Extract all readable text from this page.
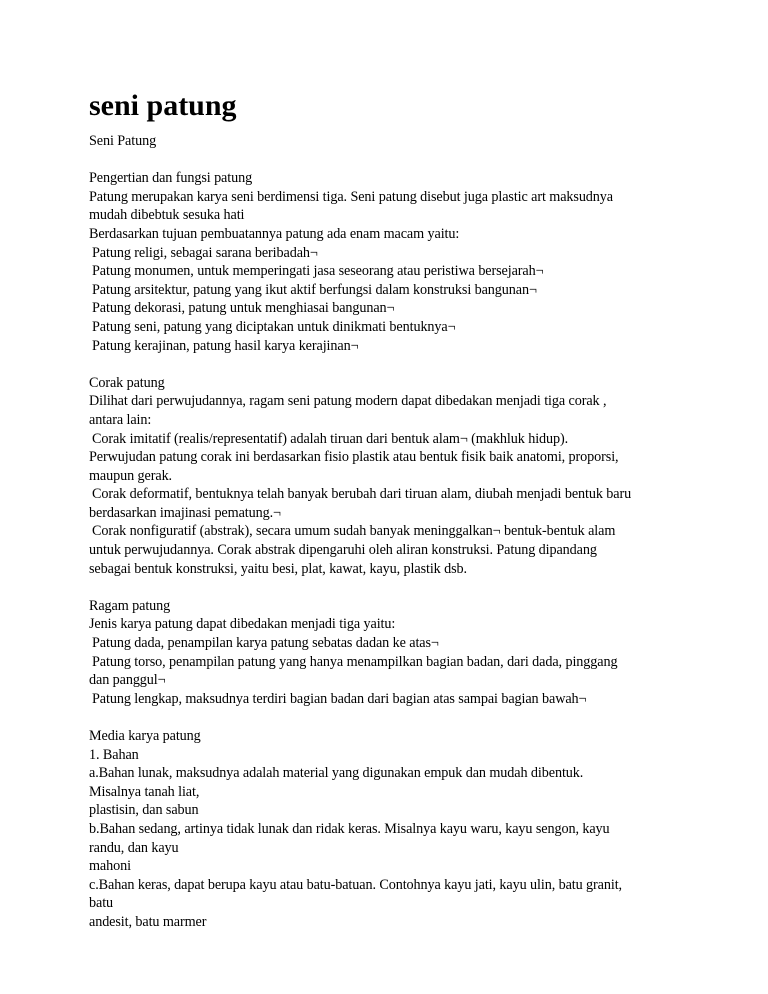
seni patung
Seni Patung
Pengertian dan fungsi patung
Patung merupakan karya seni berdimensi tiga. Seni patung disebut juga plastic art maksudnya
mudah dibebtuk sesuka hati
Berdasarkan tujuan pembuatannya patung ada enam macam yaitu:
Patung religi, sebagai sarana beribadah¬
Patung monumen, untuk memperingati jasa seseorang atau peristiwa bersejarah¬
Patung arsitektur, patung yang ikut aktif berfungsi dalam konstruksi bangunan¬
Patung dekorasi, patung untuk menghiasai bangunan¬
Patung seni, patung yang diciptakan untuk dinikmati bentuknya¬
Patung kerajinan, patung hasil karya kerajinan¬
Corak patung
Dilihat dari perwujudannya, ragam seni patung modern dapat dibedakan menjadi tiga corak ,
antara lain:
Corak imitatif (realis/representatif) adalah tiruan dari bentuk alam¬ (makhluk hidup).
Perwujudan patung corak ini berdasarkan fisio plastik atau bentuk fisik baik anatomi, proporsi,
maupun gerak.
Corak deformatif, bentuknya telah banyak berubah dari tiruan alam, diubah menjadi bentuk baru
berdasarkan imajinasi pematung.¬
Corak nonfiguratif (abstrak), secara umum sudah banyak meninggalkan¬ bentuk-bentuk alam
untuk perwujudannya. Corak abstrak dipengaruhi oleh aliran konstruksi. Patung dipandang
sebagai bentuk konstruksi, yaitu besi, plat, kawat, kayu, plastik dsb.
Ragam patung
Jenis karya patung dapat dibedakan menjadi tiga yaitu:
Patung dada, penampilan karya patung sebatas dadan ke atas¬
Patung torso, penampilan patung yang hanya menampilkan bagian badan, dari dada, pinggang
dan panggul¬
Patung lengkap, maksudnya terdiri bagian badan dari bagian atas sampai bagian bawah¬
Media karya patung
1. Bahan
a.Bahan lunak, maksudnya adalah material yang digunakan empuk dan mudah dibentuk.
Misalnya tanah liat,
plastisin, dan sabun
b.Bahan sedang, artinya tidak lunak dan ridak keras. Misalnya kayu waru, kayu sengon, kayu
randu, dan kayu
mahoni
c.Bahan keras, dapat berupa kayu atau batu-batuan. Contohnya kayu jati, kayu ulin, batu granit,
batu
andesit, batu marmer
